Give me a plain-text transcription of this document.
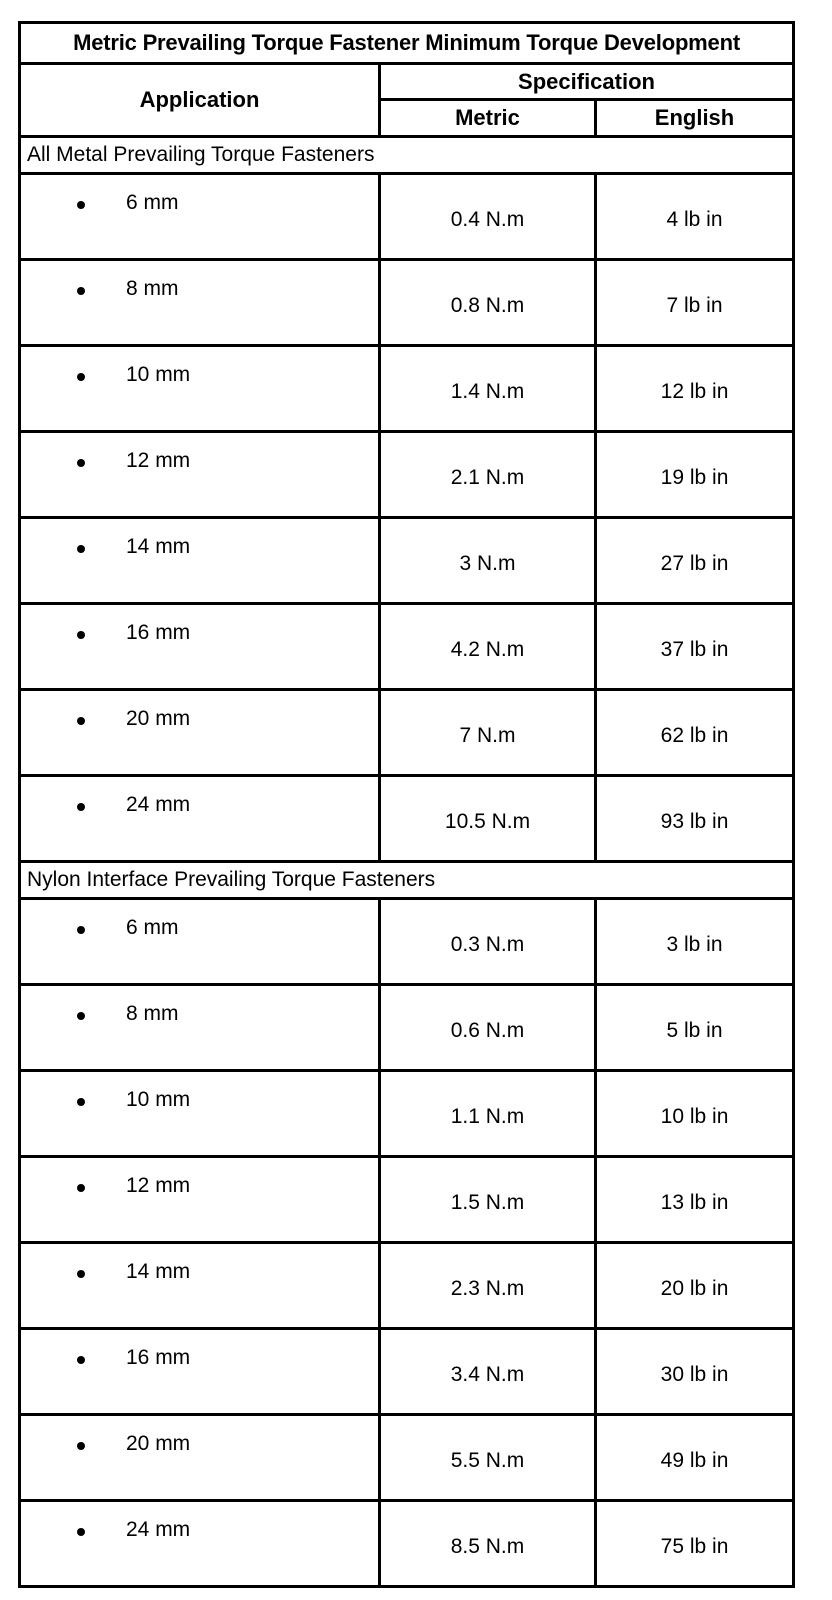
Metric Prevailing Torque Fastener Minimum Torque Development		
Application	Specification	
	Metric	English
All Metal Prevailing Torque Fasteners		

6 mm	0.4 N.m	4 lb in

8 mm	0.8 N.m	7 lb in

10 mm	1.4 N.m	12 lb in

12 mm	2.1 N.m	19 lb in

14 mm	3 N.m	27 lb in

16 mm	4.2 N.m	37 lb in

20 mm	7 N.m	62 lb in

24 mm	10.5 N.m	93 lb in
Nylon Interface Prevailing Torque Fasteners		

6 mm	0.3 N.m	3 lb in

8 mm	0.6 N.m	5 lb in

10 mm	1.1 N.m	10 lb in

12 mm	1.5 N.m	13 lb in

14 mm	2.3 N.m	20 lb in

16 mm	3.4 N.m	30 lb in

20 mm	5.5 N.m	49 lb in

24 mm	8.5 N.m	75 lb in
